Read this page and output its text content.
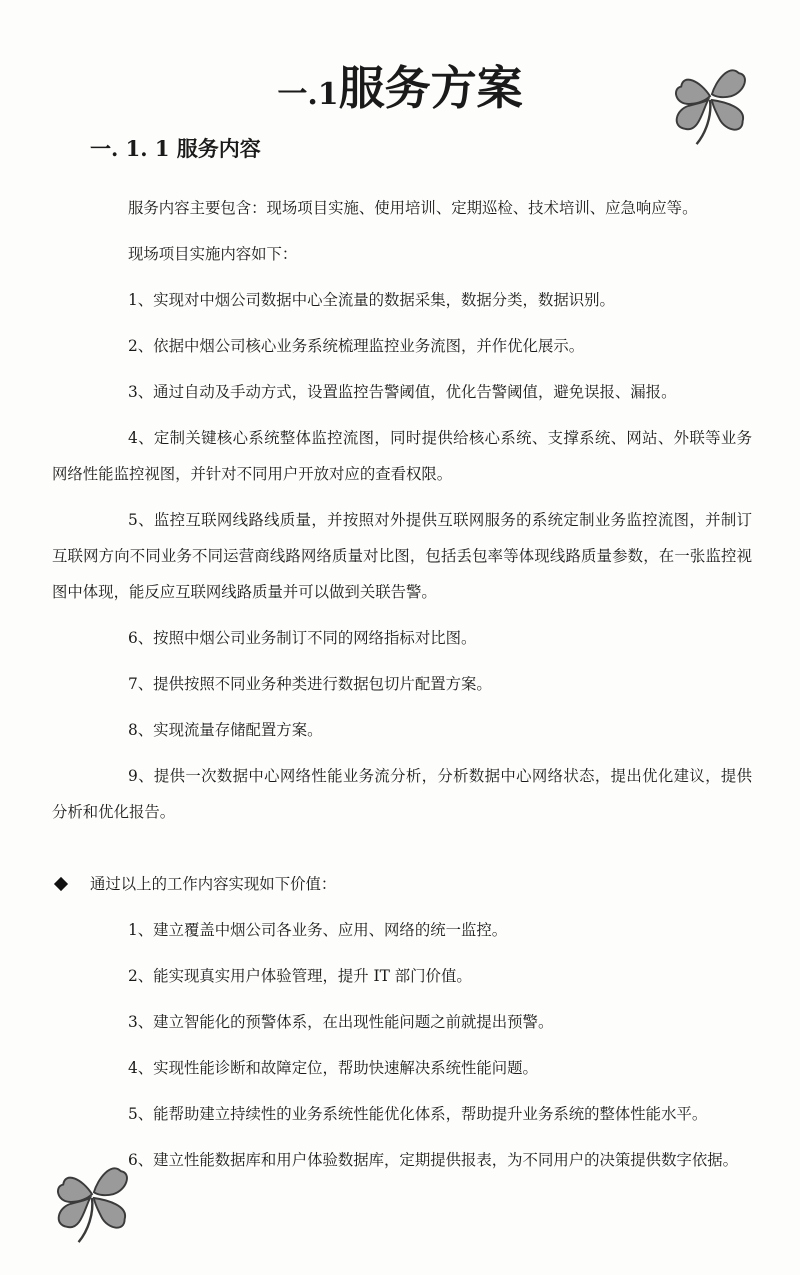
一.1服务方案
一. 1. 1 服务内容

服务内容主要包含：现场项目实施、使用培训、定期巡检、技术培训、应急响应等。

现场项目实施内容如下：

1、实现对中烟公司数据中心全流量的数据采集，数据分类，数据识别。

2、依据中烟公司核心业务系统梳理监控业务流图，并作优化展示。

3、通过自动及手动方式，设置监控告警阈值，优化告警阈值，避免误报、漏报。

4、定制关键核心系统整体监控流图，同时提供给核心系统、支撑系统、网站、外联等业务网络性能监控视图，并针对不同用户开放对应的查看权限。

5、监控互联网线路线质量，并按照对外提供互联网服务的系统定制业务监控流图，并制订互联网方向不同业务不同运营商线路网络质量对比图，包括丢包率等体现线路质量参数，在一张监控视图中体现，能反应互联网线路质量并可以做到关联告警。

6、按照中烟公司业务制订不同的网络指标对比图。

7、提供按照不同业务种类进行数据包切片配置方案。

8、实现流量存储配置方案。

9、提供一次数据中心网络性能业务流分析，分析数据中心网络状态，提出优化建议，提供分析和优化报告。

通过以上的工作内容实现如下价值：

1、建立覆盖中烟公司各业务、应用、网络的统一监控。

2、能实现真实用户体验管理，提升 IT 部门价值。

3、建立智能化的预警体系，在出现性能问题之前就提出预警。

4、实现性能诊断和故障定位，帮助快速解决系统性能问题。

5、能帮助建立持续性的业务系统性能优化体系，帮助提升业务系统的整体性能水平。

6、建立性能数据库和用户体验数据库，定期提供报表，为不同用户的决策提供数字依据。
